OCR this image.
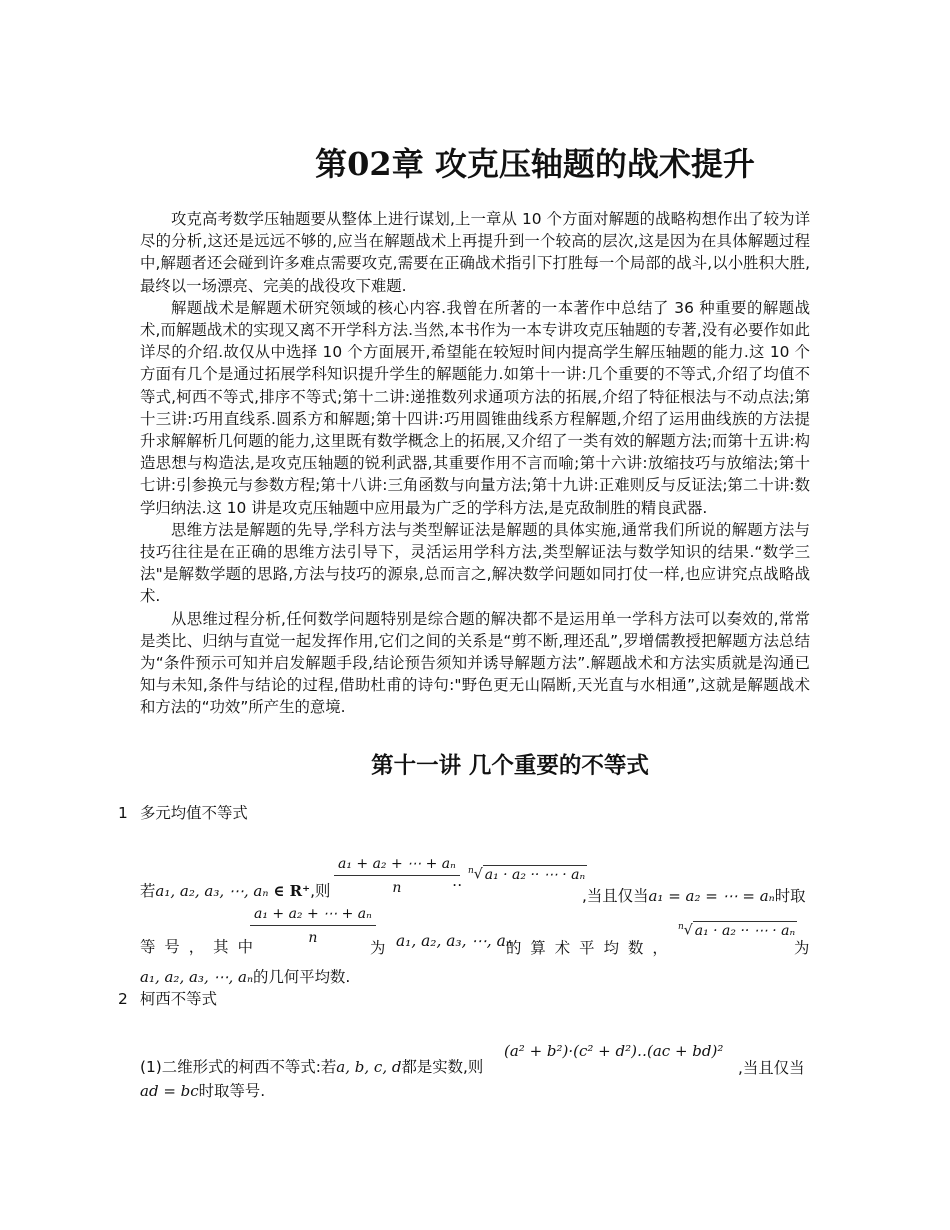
第02章 攻克压轴题的战术提升

攻克高考数学压轴题要从整体上进行谋划,上一章从 10 个方面对解题的战略构想作出了较为详尽的分析,这还是远远不够的,应当在解题战术上再提升到一个较高的层次,这是因为在具体解题过程中,解题者还会碰到许多难点需要攻克,需要在正确战术指引下打胜每一个局部的战斗,以小胜积大胜,最终以一场漂亮、完美的战役攻下难题.

解题战术是解题术研究领域的核心内容.我曾在所著的一本著作中总结了 36 种重要的解题战术,而解题战术的实现又离不开学科方法.当然,本书作为一本专讲攻克压轴题的专著,没有必要作如此详尽的介绍.故仅从中选择 10 个方面展开,希望能在较短时间内提高学生解压轴题的能力.这 10 个方面有几个是通过拓展学科知识提升学生的解题能力.如第十一讲:几个重要的不等式,介绍了均值不等式,柯西不等式,排序不等式;第十二讲:递推数列求通项方法的拓展,介绍了特征根法与不动点法;第十三讲:巧用直线系.圆系方和解题;第十四讲:巧用圆锥曲线系方程解题,介绍了运用曲线族的方法提升求解解析几何题的能力,这里既有数学概念上的拓展,又介绍了一类有效的解题方法;而第十五讲:构造思想与构造法,是攻克压轴题的锐利武器,其重要作用不言而喻;第十六讲:放缩技巧与放缩法;第十七讲:引参换元与参数方程;第十八讲:三角函数与向量方法;第十九讲:正难则反与反证法;第二十讲:数学归纳法.这 10 讲是攻克压轴题中应用最为广乏的学科方法,是克敌制胜的精良武器.

思维方法是解题的先导,学科方法与类型解证法是解题的具体实施,通常我们所说的解题方法与技巧往往是在正确的思维方法引导下，灵活运用学科方法,类型解证法与数学知识的结果.“数学三法"是解数学题的思路,方法与技巧的源泉,总而言之,解决数学问题如同打仗一样,也应讲究点战略战术.

从思维过程分析,任何数学问题特别是综合题的解决都不是运用单一学科方法可以奏效的,常常是类比、归纳与直觉一起发挥作用,它们之间的关系是“剪不断,理还乱”,罗增儒教授把解题方法总结为“条件预示可知并启发解题手段,结论预告须知并诱导解题方法”.解题战术和方法实质就是沟通已知与未知,条件与结论的过程,借助杜甫的诗句:"野色更无山隔断,天光直与水相通”,这就是解题战术和方法的“功效”所产生的意境.

第十一讲 几个重要的不等式
1 多元均值不等式
若a₁, a₂, a₃, ⋯, aₙ ∈ R⁺,则 $\frac{\text{a₁ + a₂ + ⋯ + aₙ}}{n}$
‥
$^n$√ a₁ · a₂ ·· ⋯ · aₙ
,当且仅当a₁ = a₂ = ⋯ = aₙ时取
等号，其中
$\frac{\text{a₁ + a₂ + ⋯ + aₙ}}{n}$
为 a₁, a₂, a₃, ⋯, aₙ
的算术平均数，
$^n$√ a₁ · a₂ ·· ⋯ · aₙ
为
a₁, a₂, a₃, ⋯, aₙ的几何平均数.
2 柯西不等式
(1)二维形式的柯西不等式:若a, b, c, d都是实数,则
(a² + b²)·(c² + d²)‥(ac + bd)²
,当且仅当
ad = bc时取等号.
